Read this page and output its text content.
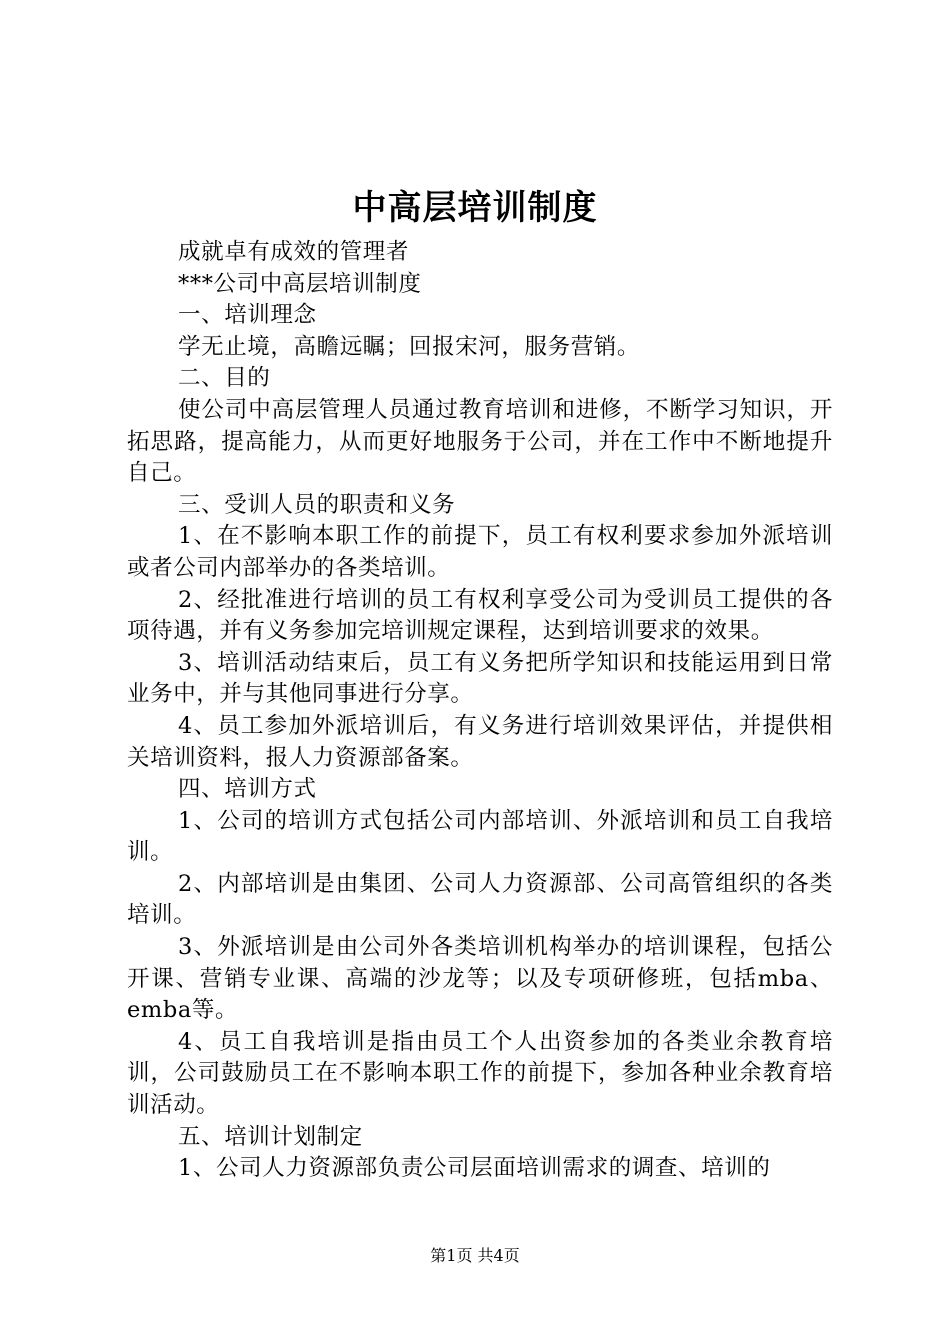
中高层培训制度

成就卓有成效的管理者

***公司中高层培训制度

一、培训理念

学无止境，高瞻远瞩；回报宋河，服务营销。

二、目的

使公司中高层管理人员通过教育培训和进修，不断学习知识，开拓思路，提高能力，从而更好地服务于公司，并在工作中不断地提升自己。

三、受训人员的职责和义务

1、在不影响本职工作的前提下，员工有权利要求参加外派培训或者公司内部举办的各类培训。

2、经批准进行培训的员工有权利享受公司为受训员工提供的各项待遇，并有义务参加完培训规定课程，达到培训要求的效果。

3、培训活动结束后，员工有义务把所学知识和技能运用到日常业务中，并与其他同事进行分享。

4、员工参加外派培训后，有义务进行培训效果评估，并提供相关培训资料，报人力资源部备案。

四、培训方式

1、公司的培训方式包括公司内部培训、外派培训和员工自我培训。

2、内部培训是由集团、公司人力资源部、公司高管组织的各类培训。

3、外派培训是由公司外各类培训机构举办的培训课程，包括公开课、营销专业课、高端的沙龙等；以及专项研修班，包括mba、emba等。

4、员工自我培训是指由员工个人出资参加的各类业余教育培训，公司鼓励员工在不影响本职工作的前提下，参加各种业余教育培训活动。

五、培训计划制定

1、公司人力资源部负责公司层面培训需求的调查、培训的

第1页 共4页
